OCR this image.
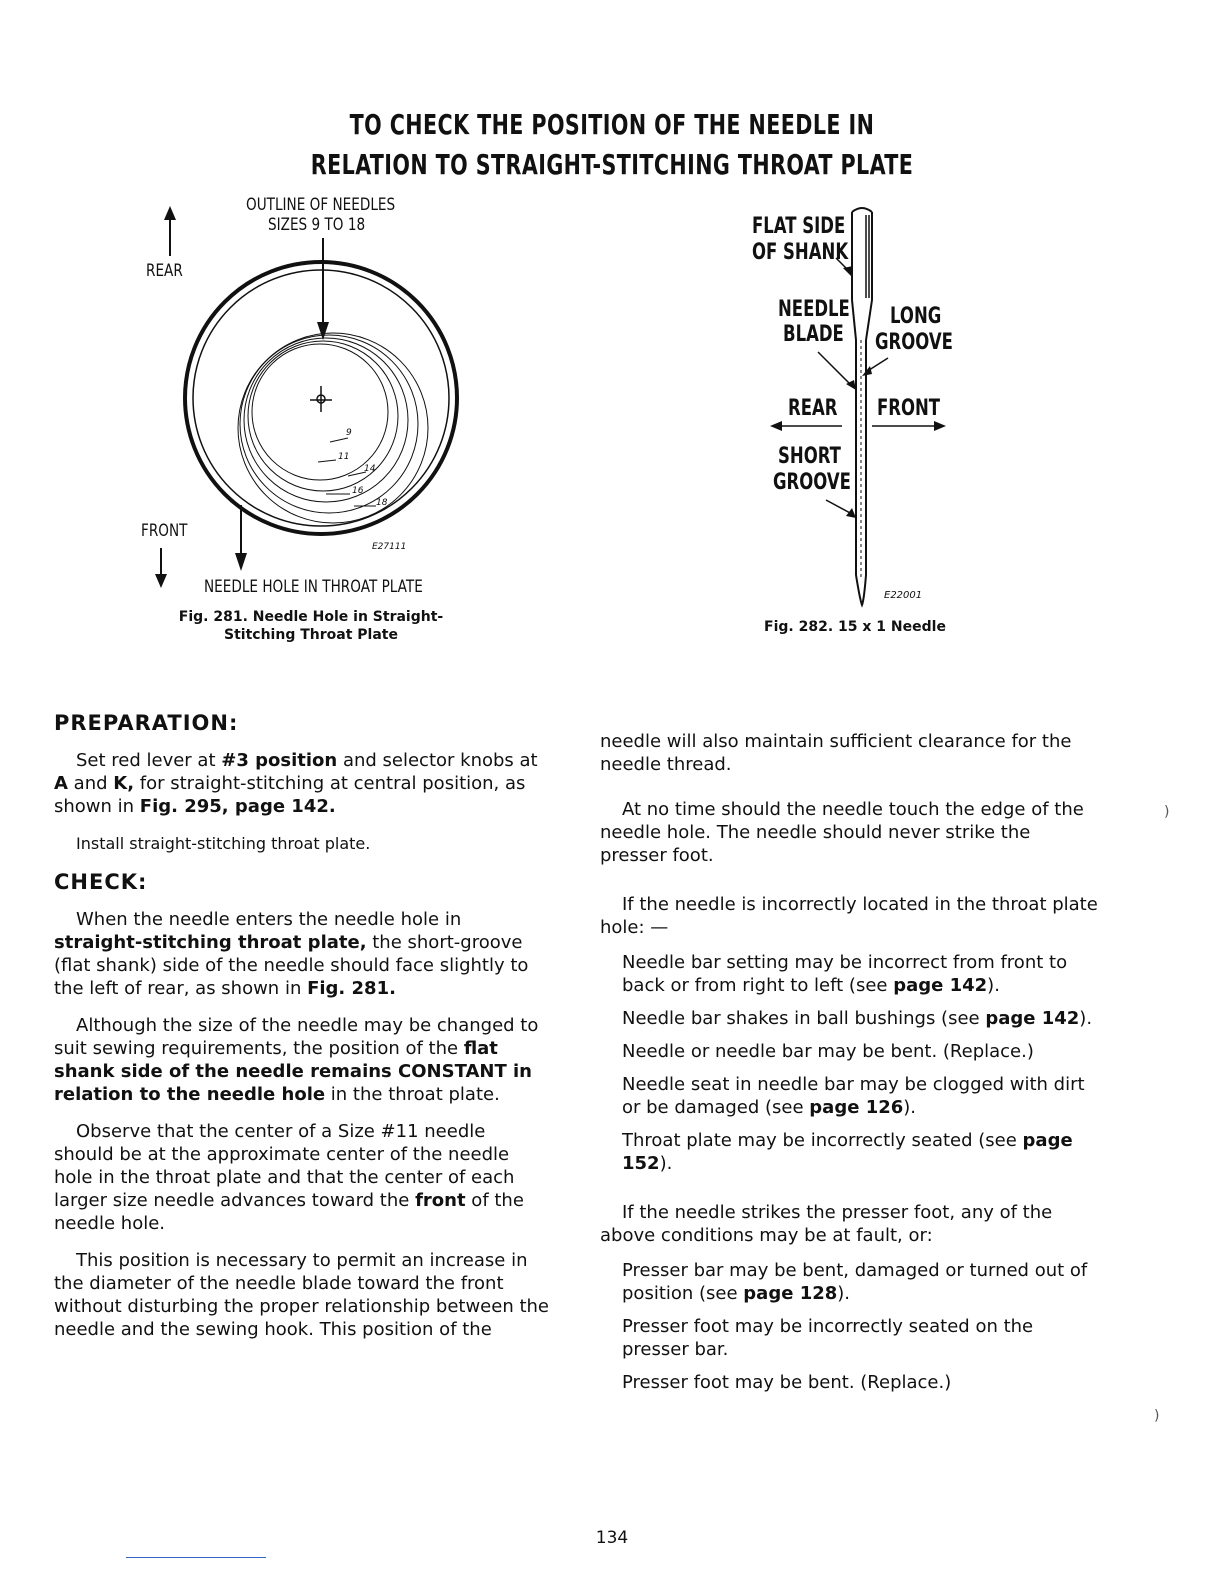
TO CHECK THE POSITION OF THE NEEDLE IN
RELATION TO STRAIGHT-STITCHING THROAT PLATE
OUTLINE OF NEEDLES
SIZES 9 TO 18
REAR
FRONT
NEEDLE HOLE IN THROAT PLATE
9
11
14
16
18
E27111
Fig. 281. Needle Hole in Straight-
Stitching Throat Plate
FLAT SIDE
OF SHANK
NEEDLE
BLADE
LONG
GROOVE
REAR FRONT
SHORT
GROOVE
E22001
Fig. 282. 15 x 1 Needle
PREPARATION:

Set red lever at #3 position and selector knobs at A and K, for straight-stitching at central position, as shown in Fig. 295, page 142.

Install straight-stitching throat plate.

CHECK:

When the needle enters the needle hole in straight-stitching throat plate, the short-groove (flat shank) side of the needle should face slightly to the left of rear, as shown in Fig. 281.

Although the size of the needle may be changed to suit sewing requirements, the position of the flat shank side of the needle remains CONSTANT in relation to the needle hole in the throat plate.

Observe that the center of a Size #11 needle should be at the approximate center of the needle hole in the throat plate and that the center of each larger size needle advances toward the front of the needle hole.

This position is necessary to permit an increase in the diameter of the needle blade toward the front without disturbing the proper relationship between the needle and the sewing hook. This position of the

needle will also maintain sufficient clearance for the needle thread.

At no time should the needle touch the edge of the needle hole. The needle should never strike the presser foot.

If the needle is incorrectly located in the throat plate hole: —

Needle bar setting may be incorrect from front to back or from right to left (see page 142).

Needle bar shakes in ball bushings (see page 142).

Needle or needle bar may be bent. (Replace.)

Needle seat in needle bar may be clogged with dirt or be damaged (see page 126).

Throat plate may be incorrectly seated (see page 152).

If the needle strikes the presser foot, any of the above conditions may be at fault, or:

Presser bar may be bent, damaged or turned out of position (see page 128).

Presser foot may be incorrectly seated on the presser bar.

Presser foot may be bent. (Replace.)

)
)
134
